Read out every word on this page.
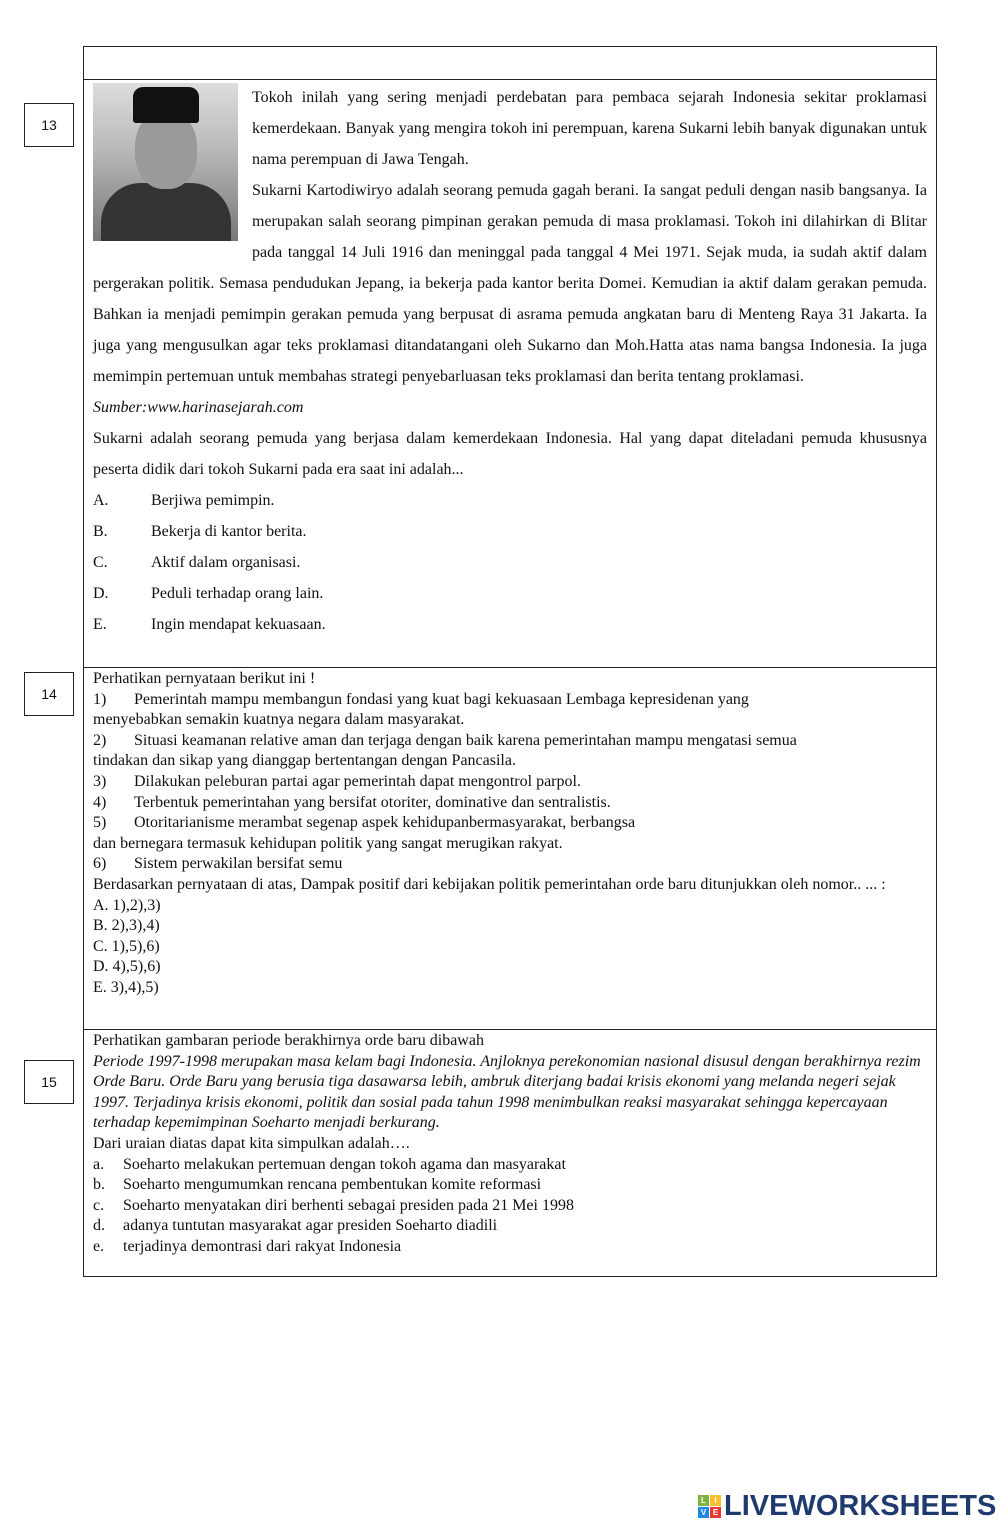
13
14
15

Tokoh inilah yang sering menjadi perdebatan para pembaca sejarah Indonesia sekitar proklamasi kemerdekaan. Banyak yang mengira tokoh ini perempuan, karena Sukarni lebih banyak digunakan untuk nama perempuan di Jawa Tengah.

Sukarni Kartodiwiryo adalah seorang pemuda gagah berani. Ia sangat peduli dengan nasib bangsanya. Ia merupakan salah seorang pimpinan gerakan pemuda di masa proklamasi. Tokoh ini dilahirkan di Blitar pada tanggal 14 Juli 1916 dan meninggal pada tanggal 4 Mei 1971. Sejak muda, ia sudah aktif dalam pergerakan politik. Semasa pendudukan Jepang, ia bekerja pada kantor berita Domei. Kemudian ia aktif dalam gerakan pemuda. Bahkan ia menjadi pemimpin gerakan pemuda yang berpusat di asrama pemuda angkatan baru di Menteng Raya 31 Jakarta. Ia juga yang mengusulkan agar teks proklamasi ditandatangani oleh Sukarno dan Moh.Hatta atas nama bangsa Indonesia. Ia juga memimpin pertemuan untuk membahas strategi penyebarluasan teks proklamasi dan berita tentang proklamasi.

Sumber:www.harinasejarah.com

Sukarni adalah seorang pemuda yang berjasa dalam kemerdekaan Indonesia. Hal yang dapat diteladani pemuda khususnya peserta didik dari tokoh Sukarni pada era saat ini adalah...

A.	Berjiwa pemimpin.
B.	Bekerja di kantor berita.
C.	Aktif dalam organisasi.
D.	Peduli terhadap orang lain.
E.	Ingin mendapat kekuasaan.
Perhatikan pernyataan berikut ini !
1)	Pemerintah mampu membangun fondasi yang kuat bagi kekuasaan Lembaga kepresidenan yang
menyebabkan semakin kuatnya negara dalam masyarakat.
2)	Situasi keamanan relative aman dan terjaga dengan baik karena pemerintahan mampu mengatasi semua
tindakan dan sikap yang dianggap bertentangan dengan Pancasila.
3)	Dilakukan peleburan partai agar pemerintah dapat mengontrol parpol.
4)	Terbentuk pemerintahan yang bersifat otoriter, dominative dan sentralistis.
5)	Otoritarianisme merambat segenap aspek kehidupanbermasyarakat, berbangsa
dan bernegara termasuk kehidupan politik yang sangat merugikan rakyat.
6)	Sistem perwakilan bersifat semu
Berdasarkan pernyataan di atas, Dampak positif dari kebijakan politik pemerintahan orde baru ditunjukkan oleh nomor.. ... :
A. 1),2),3)
B. 2),3),4)
C. 1),5),6)
D. 4),5),6)
E. 3),4),5)
Perhatikan gambaran periode berakhirnya orde baru dibawah
Periode 1997-1998 merupakan masa kelam bagi Indonesia. Anjloknya perekonomian nasional disusul dengan berakhirnya rezim Orde Baru. Orde Baru yang berusia tiga dasawarsa lebih, ambruk diterjang badai krisis ekonomi yang melanda negeri sejak 1997. Terjadinya krisis ekonomi, politik dan sosial pada tahun 1998 menimbulkan reaksi masyarakat sehingga kepercayaan terhadap kepemimpinan Soeharto menjadi berkurang.
Dari uraian diatas dapat kita simpulkan adalah….
a.	Soeharto melakukan pertemuan dengan tokoh agama dan masyarakat
b.	Soeharto mengumumkan rencana pembentukan komite reformasi
c.	Soeharto menyatakan diri berhenti sebagai presiden pada 21 Mei 1998
d.	adanya tuntutan masyarakat agar presiden Soeharto diadili
e.	terjadinya demontrasi dari rakyat Indonesia
L	I
V E LIVEWORKSHEETS
